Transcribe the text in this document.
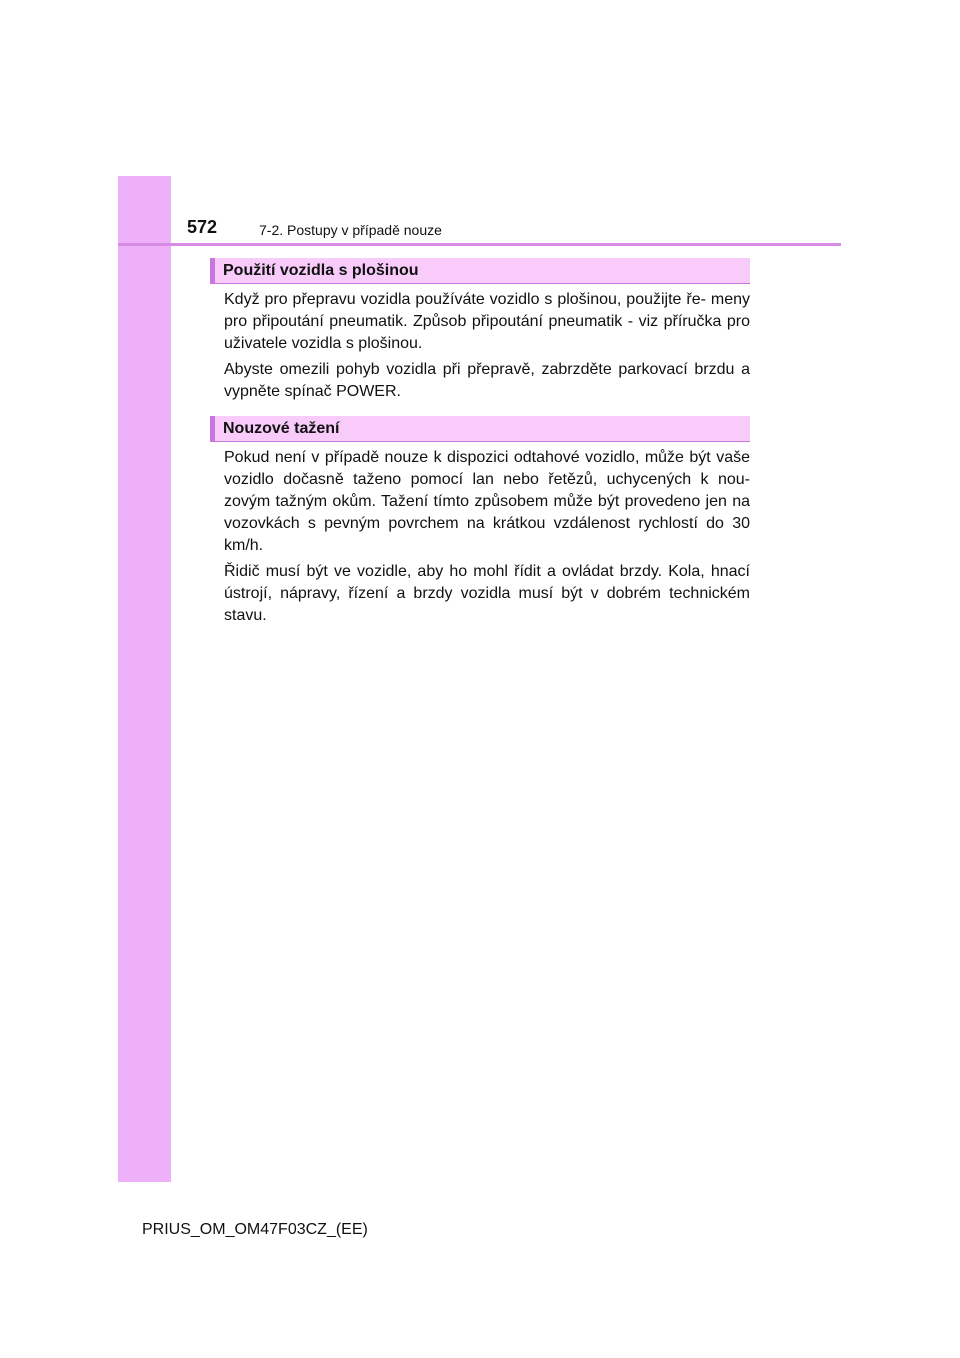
572	7-2. Postupy v případě nouze
Použití vozidla s plošinou

Když pro přepravu vozidla používáte vozidlo s plošinou, použijte ře- meny pro připoutání pneumatik. Způsob připoutání pneumatik - viz příručka pro uživatele vozidla s plošinou.

Abyste omezili pohyb vozidla při přepravě, zabrzděte parkovací brzdu a vypněte spínač POWER.

Nouzové tažení

Pokud není v případě nouze k dispozici odtahové vozidlo, může být vaše vozidlo dočasně taženo pomocí lan nebo řetězů, uchycených k nou- zovým tažným okům. Tažení tímto způsobem může být provedeno jen na vozovkách s pevným povrchem na krátkou vzdálenost rychlostí do 30 km/h.

Řidič musí být ve vozidle, aby ho mohl řídit a ovládat brzdy. Kola, hnací ústrojí, nápravy, řízení a brzdy vozidla musí být v dobrém technickém stavu.

PRIUS_OM_OM47F03CZ_(EE)
